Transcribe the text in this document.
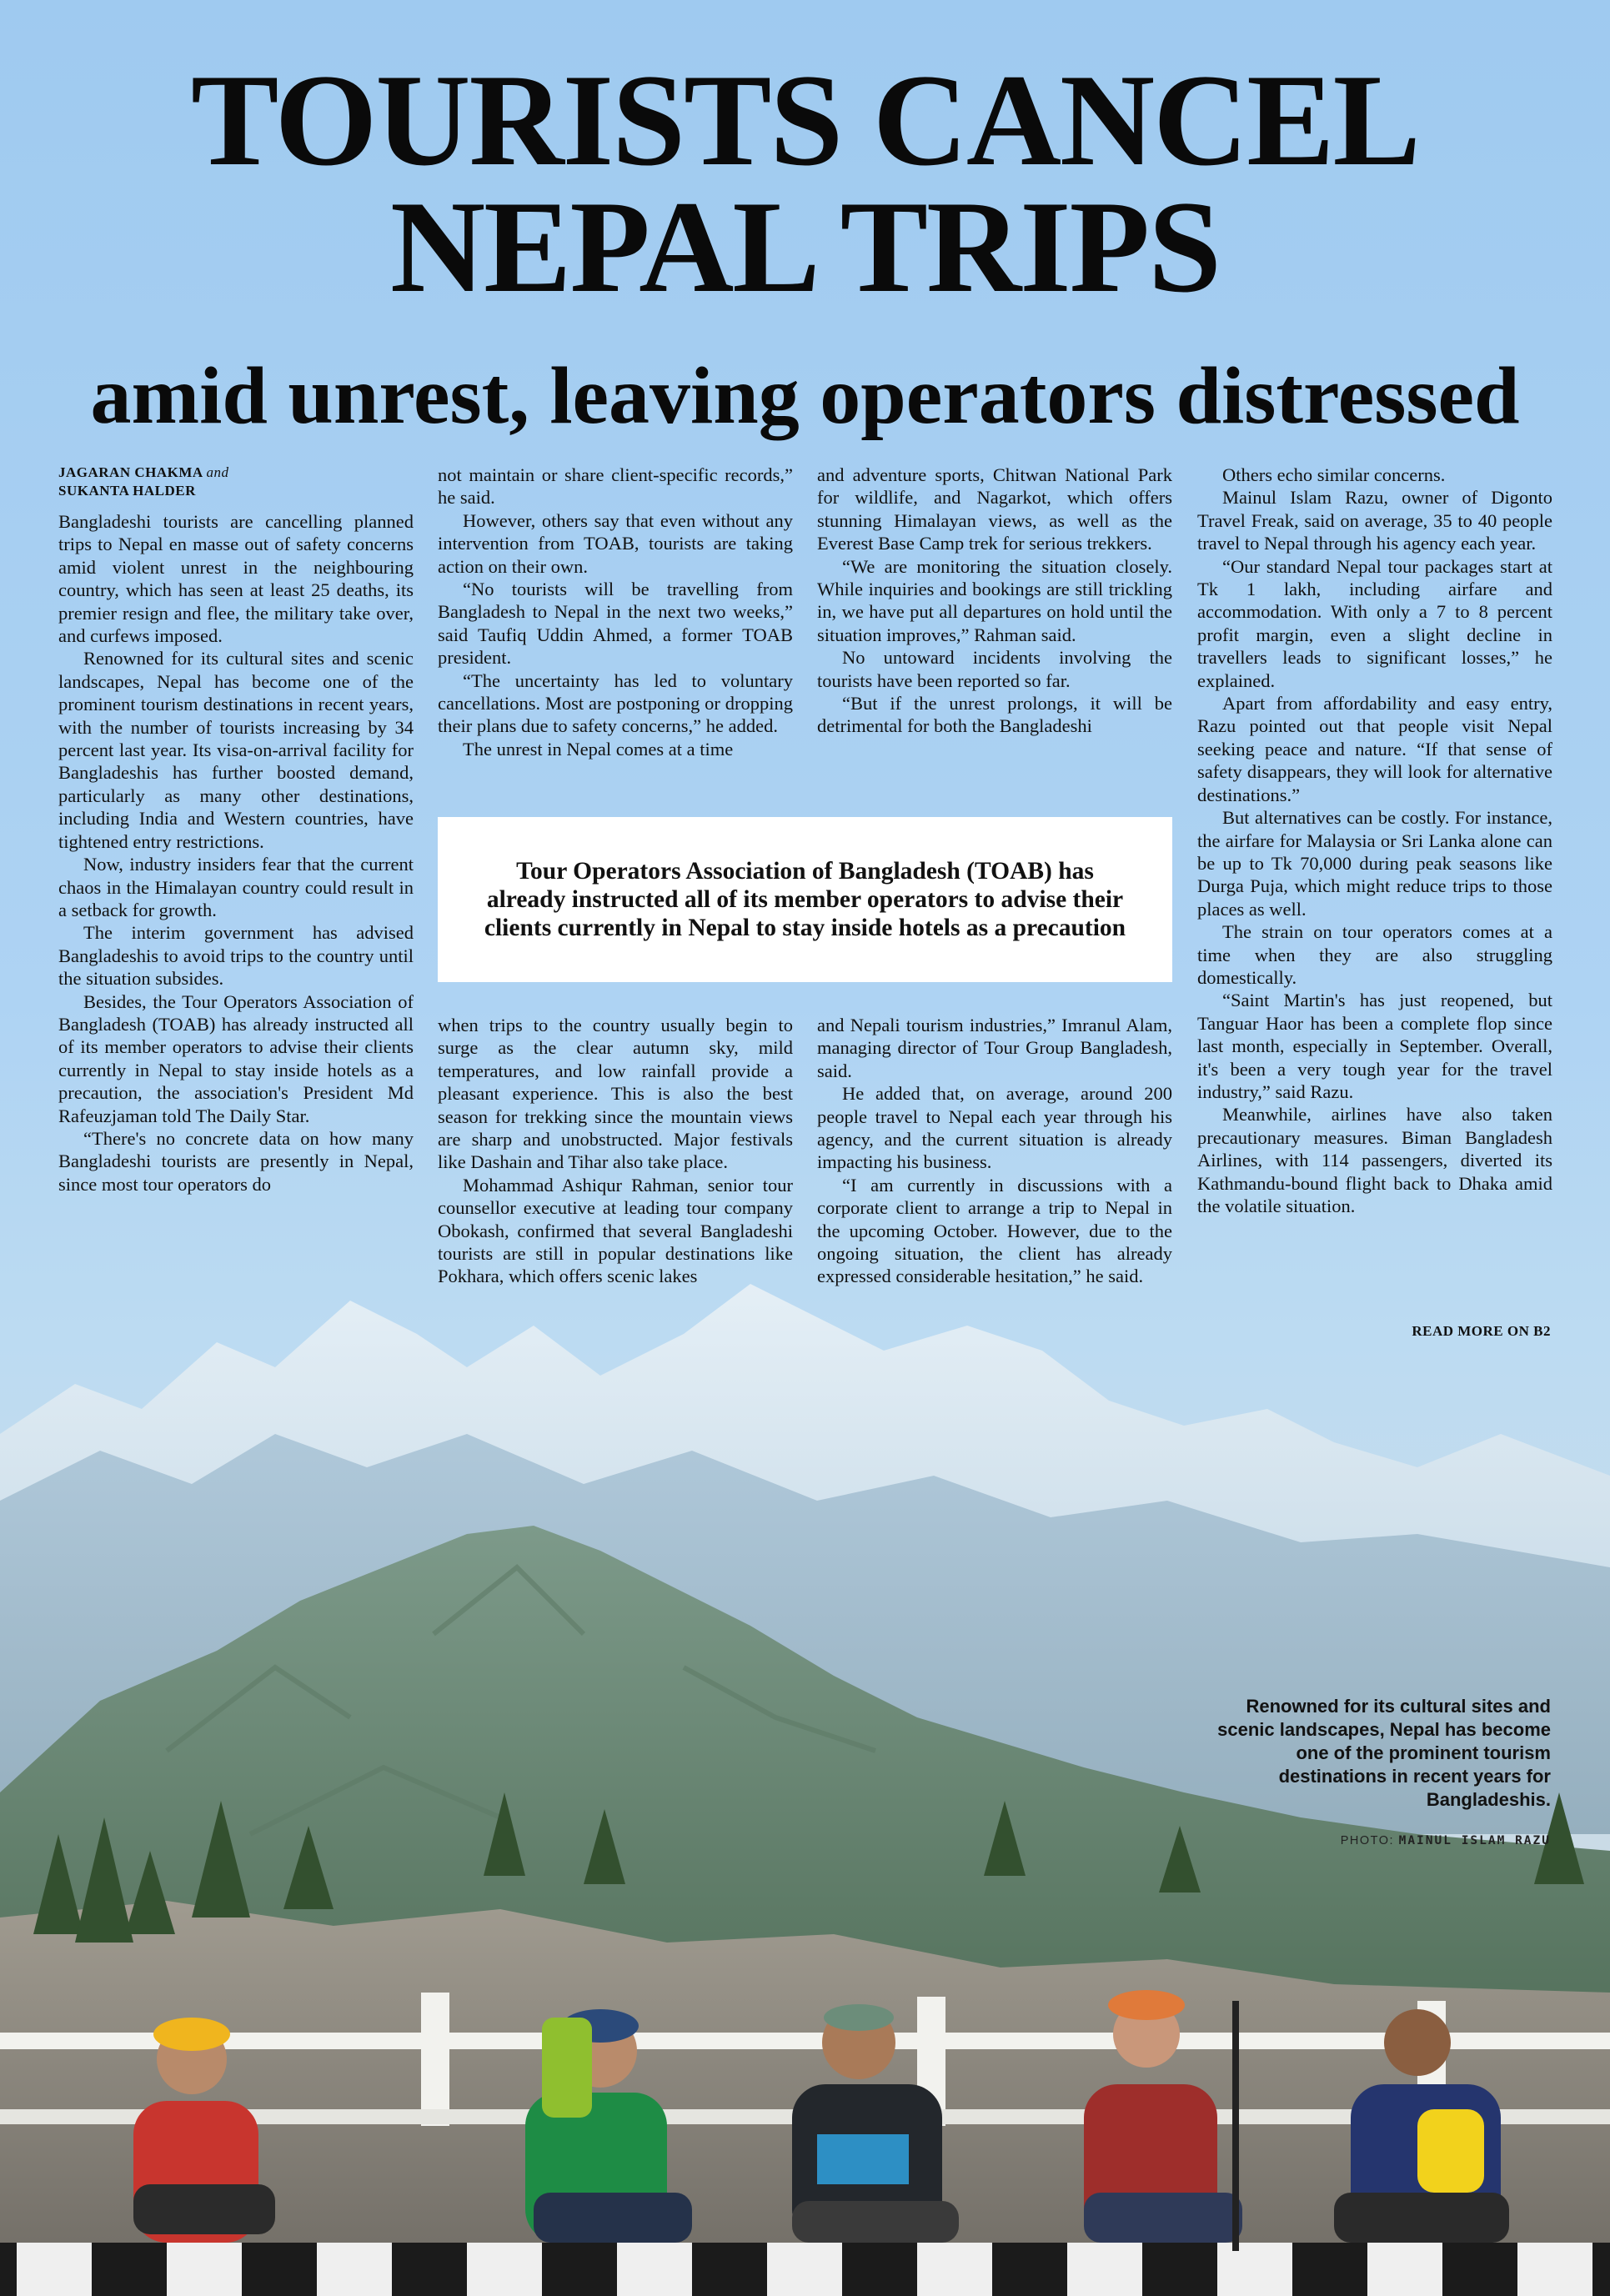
TOURISTS CANCEL
NEPAL TRIPS
amid unrest, leaving operators distressed
JAGARAN CHAKMA and
SUKANTA HALDER

Bangladeshi tourists are cancelling planned trips to Nepal en masse out of safety concerns amid violent unrest in the neighbouring country, which has seen at least 25 deaths, its premier resign and flee, the military take over, and curfews imposed.

Renowned for its cultural sites and scenic landscapes, Nepal has become one of the prominent tourism destinations in recent years, with the number of tourists increasing by 34 percent last year. Its visa-on-arrival facility for Bangladeshis has further boosted demand, particularly as many other destinations, including India and Western countries, have tightened entry restrictions.

Now, industry insiders fear that the current chaos in the Himalayan country could result in a setback for growth.

The interim government has advised Bangladeshis to avoid trips to the country until the situation subsides.

Besides, the Tour Operators Association of Bangladesh (TOAB) has already instructed all of its member operators to advise their clients currently in Nepal to stay inside hotels as a precaution, the association's President Md Rafeuzjaman told The Daily Star.

“There's no concrete data on how many Bangladeshi tourists are presently in Nepal, since most tour operators do

not maintain or share client-specific records,” he said.

However, others say that even without any intervention from TOAB, tourists are taking action on their own.

“No tourists will be travelling from Bangladesh to Nepal in the next two weeks,” said Taufiq Uddin Ahmed, a former TOAB president.

“The uncertainty has led to voluntary cancellations. Most are postponing or dropping their plans due to safety concerns,” he added.

The unrest in Nepal comes at a time

and adventure sports, Chitwan National Park for wildlife, and Nagarkot, which offers stunning Himalayan views, as well as the Everest Base Camp trek for serious trekkers.

“We are monitoring the situation closely. While inquiries and bookings are still trickling in, we have put all departures on hold until the situation improves,” Rahman said.

No untoward incidents involving the tourists have been reported so far.

“But if the unrest prolongs, it will be detrimental for both the Bangladeshi

Tour Operators Association of Bangladesh (TOAB) has already instructed all of its member operators to advise their clients currently in Nepal to stay inside hotels as a precaution

when trips to the country usually begin to surge as the clear autumn sky, mild temperatures, and low rainfall provide a pleasant experience. This is also the best season for trekking since the mountain views are sharp and unobstructed. Major festivals like Dashain and Tihar also take place.

Mohammad Ashiqur Rahman, senior tour counsellor executive at leading tour company Obokash, confirmed that several Bangladeshi tourists are still in popular destinations like Pokhara, which offers scenic lakes

and Nepali tourism industries,” Imranul Alam, managing director of Tour Group Bangladesh, said.

He added that, on average, around 200 people travel to Nepal each year through his agency, and the current situation is already impacting his business.

“I am currently in discussions with a corporate client to arrange a trip to Nepal in the upcoming October. However, due to the ongoing situation, the client has already expressed considerable hesitation,” he said.

Others echo similar concerns.

Mainul Islam Razu, owner of Digonto Travel Freak, said on average, 35 to 40 people travel to Nepal through his agency each year.

“Our standard Nepal tour packages start at Tk 1 lakh, including airfare and accommodation. With only a 7 to 8 percent profit margin, even a slight decline in travellers leads to significant losses,” he explained.

Apart from affordability and easy entry, Razu pointed out that people visit Nepal seeking peace and nature. “If that sense of safety disappears, they will look for alternative destinations.”

But alternatives can be costly. For instance, the airfare for Malaysia or Sri Lanka alone can be up to Tk 70,000 during peak seasons like Durga Puja, which might reduce trips to those places as well.

The strain on tour operators comes at a time when they are also struggling domestically.

“Saint Martin's has just reopened, but Tanguar Haor has been a complete flop since last month, especially in September. Overall, it's been a very tough year for the travel industry,” said Razu.

Meanwhile, airlines have also taken precautionary measures. Biman Bangladesh Airlines, with 114 passengers, diverted its Kathmandu-bound flight back to Dhaka amid the volatile situation.

READ MORE ON B2

Renowned for its cultural sites and scenic landscapes, Nepal has become one of the prominent tourism destinations in recent years for Bangladeshis.

PHOTO: MAINUL ISLAM RAZU
